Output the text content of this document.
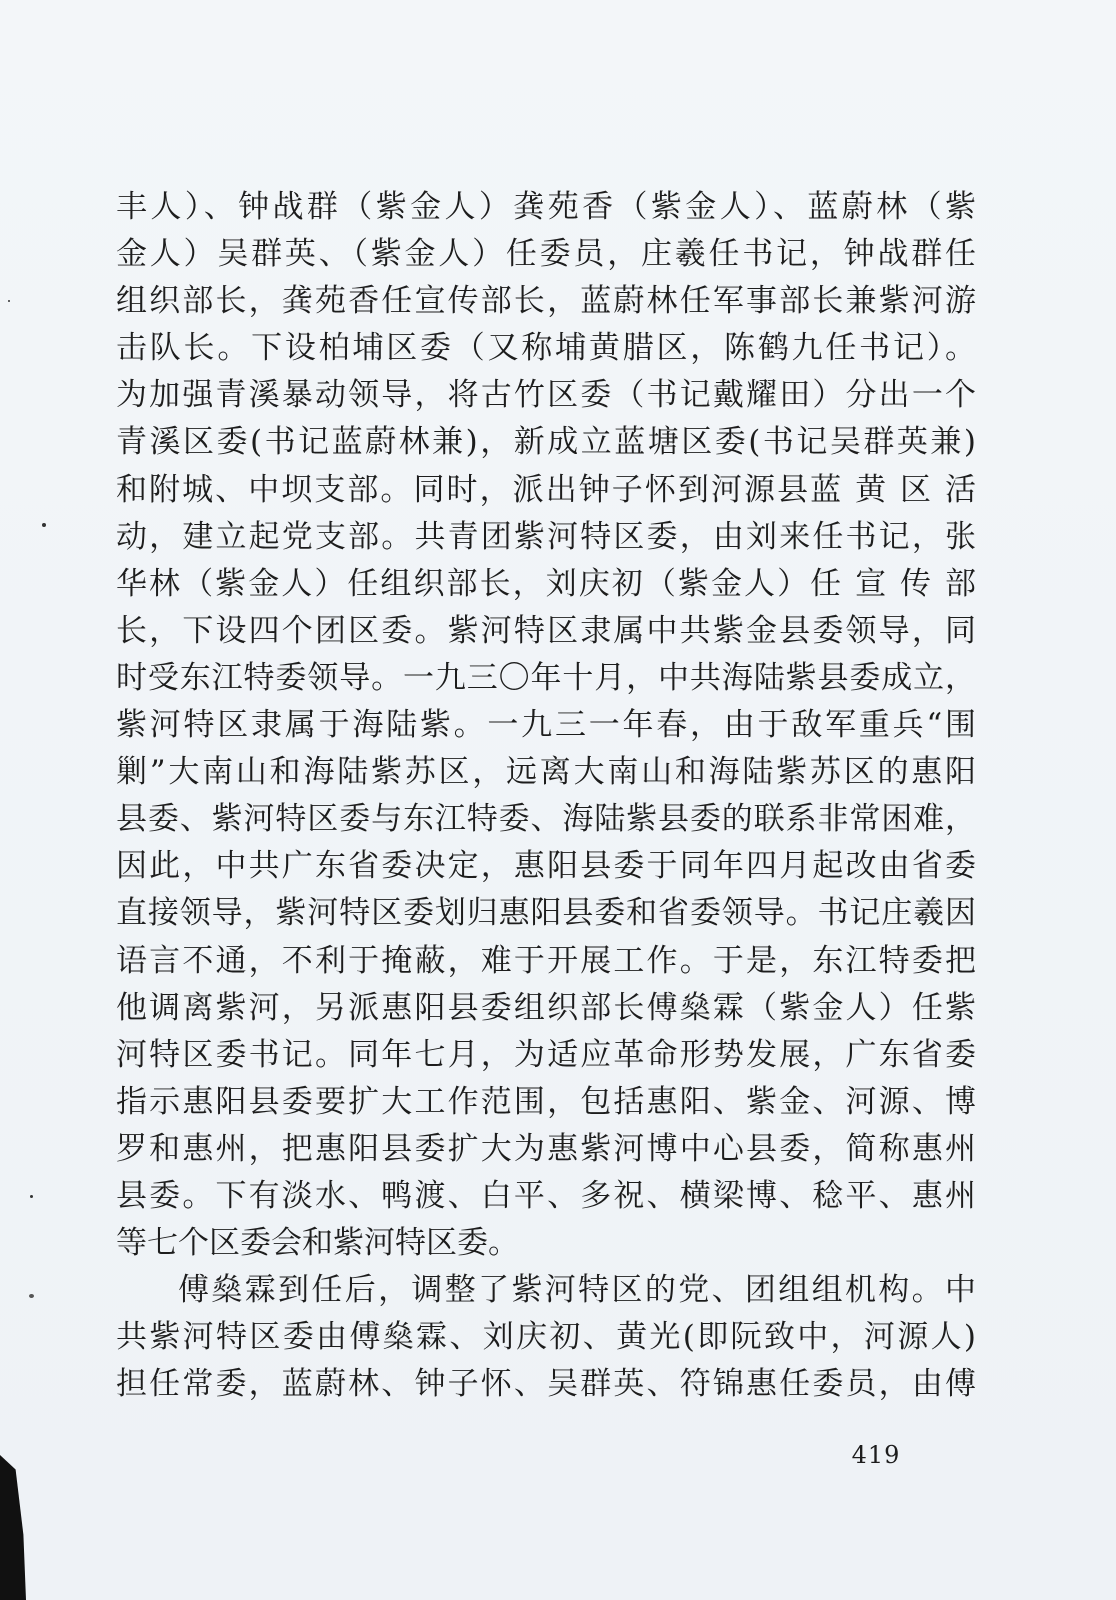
丰人）、钟战群（紫金人）龚苑香（紫金人）、蓝蔚林（紫
金人）吴群英、（紫金人）任委员，庄羲任书记，钟战群任
组织部长，龚苑香任宣传部长，蓝蔚林任军事部长兼紫河游
击队长。下设柏埔区委（又称埔黄腊区，陈鹤九任书记）。
为加强青溪暴动领导，将古竹区委（书记戴耀田）分出一个
青溪区委(书记蓝蔚林兼)，新成立蓝塘区委(书记吴群英兼)
和附城、中坝支部。同时，派出钟子怀到河源县蓝 黄 区 活
动，建立起党支部。共青团紫河特区委，由刘来任书记，张
华林（紫金人）任组织部长，刘庆初（紫金人）任 宣 传 部
长，下设四个团区委。紫河特区隶属中共紫金县委领导，同
时受东江特委领导。一九三〇年十月，中共海陆紫县委成立，
紫河特区隶属于海陆紫。一九三一年春，由于敌军重兵“围
剿”大南山和海陆紫苏区，远离大南山和海陆紫苏区的惠阳
县委、紫河特区委与东江特委、海陆紫县委的联系非常困难，
因此，中共广东省委决定，惠阳县委于同年四月起改由省委
直接领导，紫河特区委划归惠阳县委和省委领导。书记庄羲因
语言不通，不利于掩蔽，难于开展工作。于是，东江特委把
他调离紫河，另派惠阳县委组织部长傅燊霖（紫金人）任紫
河特区委书记。同年七月，为适应革命形势发展，广东省委
指示惠阳县委要扩大工作范围，包括惠阳、紫金、河源、博
罗和惠州，把惠阳县委扩大为惠紫河博中心县委，简称惠州
县委。下有淡水、鸭渡、白平、多祝、横梁博、稔平、惠州
等七个区委会和紫河特区委。
傅燊霖到任后，调整了紫河特区的党、团组组机构。中
共紫河特区委由傅燊霖、刘庆初、黄光(即阮致中，河源人)
担任常委，蓝蔚林、钟子怀、吴群英、符锦惠任委员，由傅
419
